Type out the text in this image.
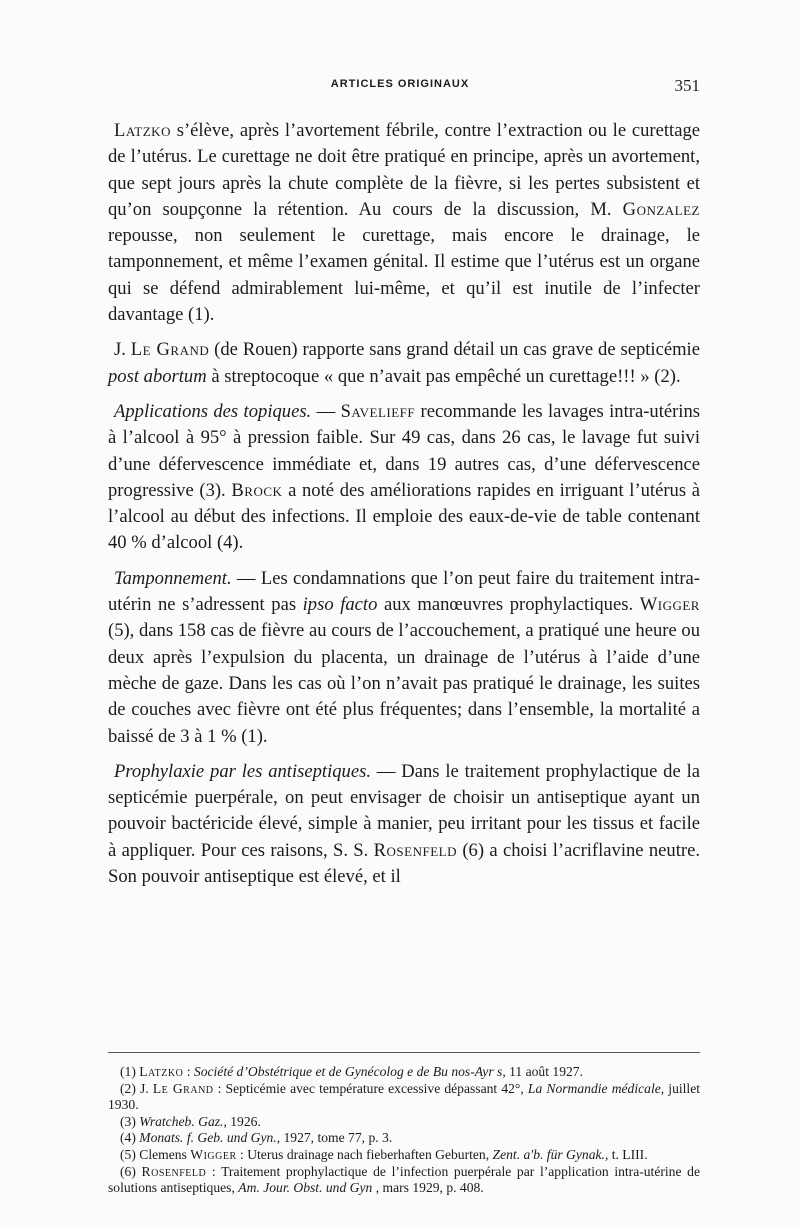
ARTICLES ORIGINAUX	351

Latzko s’élève, après l’avortement fébrile, contre l’extraction ou le curettage de l’utérus. Le curettage ne doit être pratiqué en principe, après un avortement, que sept jours après la chute complète de la fièvre, si les pertes subsistent et qu’on soupçonne la rétention. Au cours de la discussion, M. Gonzalez repousse, non seulement le curettage, mais encore le drainage, le tamponnement, et même l’examen génital. Il estime que l’utérus est un organe qui se défend admirablement lui-même, et qu’il est inutile de l’infecter davantage (1).

J. Le Grand (de Rouen) rapporte sans grand détail un cas grave de septicémie post abortum à streptocoque « que n’avait pas empêché un curettage!!! » (2).

Applications des topiques. — Savelieff recommande les lavages intra-utérins à l’alcool à 95° à pression faible. Sur 49 cas, dans 26 cas, le lavage fut suivi d’une défervescence immédiate et, dans 19 autres cas, d’une défervescence progressive (3). Brock a noté des améliorations rapides en irriguant l’utérus à l’alcool au début des infections. Il emploie des eaux-de-vie de table contenant 40 % d’alcool (4).

Tamponnement. — Les condamnations que l’on peut faire du traitement intra-utérin ne s’adressent pas ipso facto aux manœuvres prophylactiques. Wigger (5), dans 158 cas de fièvre au cours de l’accouchement, a pratiqué une heure ou deux après l’expulsion du placenta, un drainage de l’utérus à l’aide d’une mèche de gaze. Dans les cas où l’on n’avait pas pratiqué le drainage, les suites de couches avec fièvre ont été plus fréquentes; dans l’ensemble, la mortalité a baissé de 3 à 1 % (1).

Prophylaxie par les antiseptiques. — Dans le traitement prophylactique de la septicémie puerpérale, on peut envisager de choisir un antiseptique ayant un pouvoir bactéricide élevé, simple à manier, peu irritant pour les tissus et facile à appliquer. Pour ces raisons, S. S. Rosenfeld (6) a choisi l’acriflavine neutre. Son pouvoir antiseptique est élevé, et il

(1) Latzko : Société d’Obstétrique et de Gynécolog e de Bu nos-Ayr s, 11 août 1927.

(2) J. Le Grand : Septicémie avec température excessive dépassant 42°, La Normandie médicale, juillet 1930.

(3) Wratcheb. Gaz., 1926.

(4) Monats. f. Geb. und Gyn., 1927, tome 77, p. 3.

(5) Clemens Wigger : Uterus drainage nach fieberhaften Geburten, Zent. a'b. für Gynak., t. LIII.

(6) Rosenfeld : Traitement prophylactique de l’infection puerpérale par l’application intra-utérine de solutions antiseptiques, Am. Jour. Obst. und Gyn , mars 1929, p. 408.
